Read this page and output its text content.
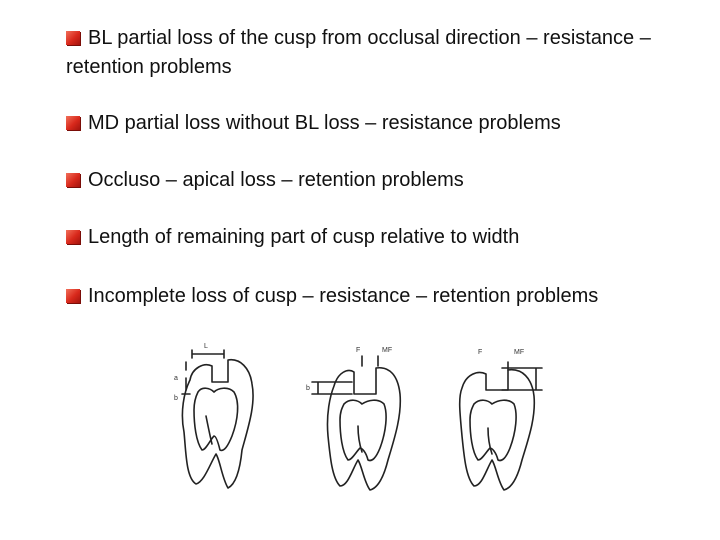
BL partial loss of the cusp from occlusal direction – resistance – retention problems
MD partial loss without BL loss – resistance problems
Occluso – apical loss – retention problems
Length of remaining part of cusp relative to width
Incomplete loss of cusp – resistance – retention problems
L
a
b
F	MF
b
F	MF
